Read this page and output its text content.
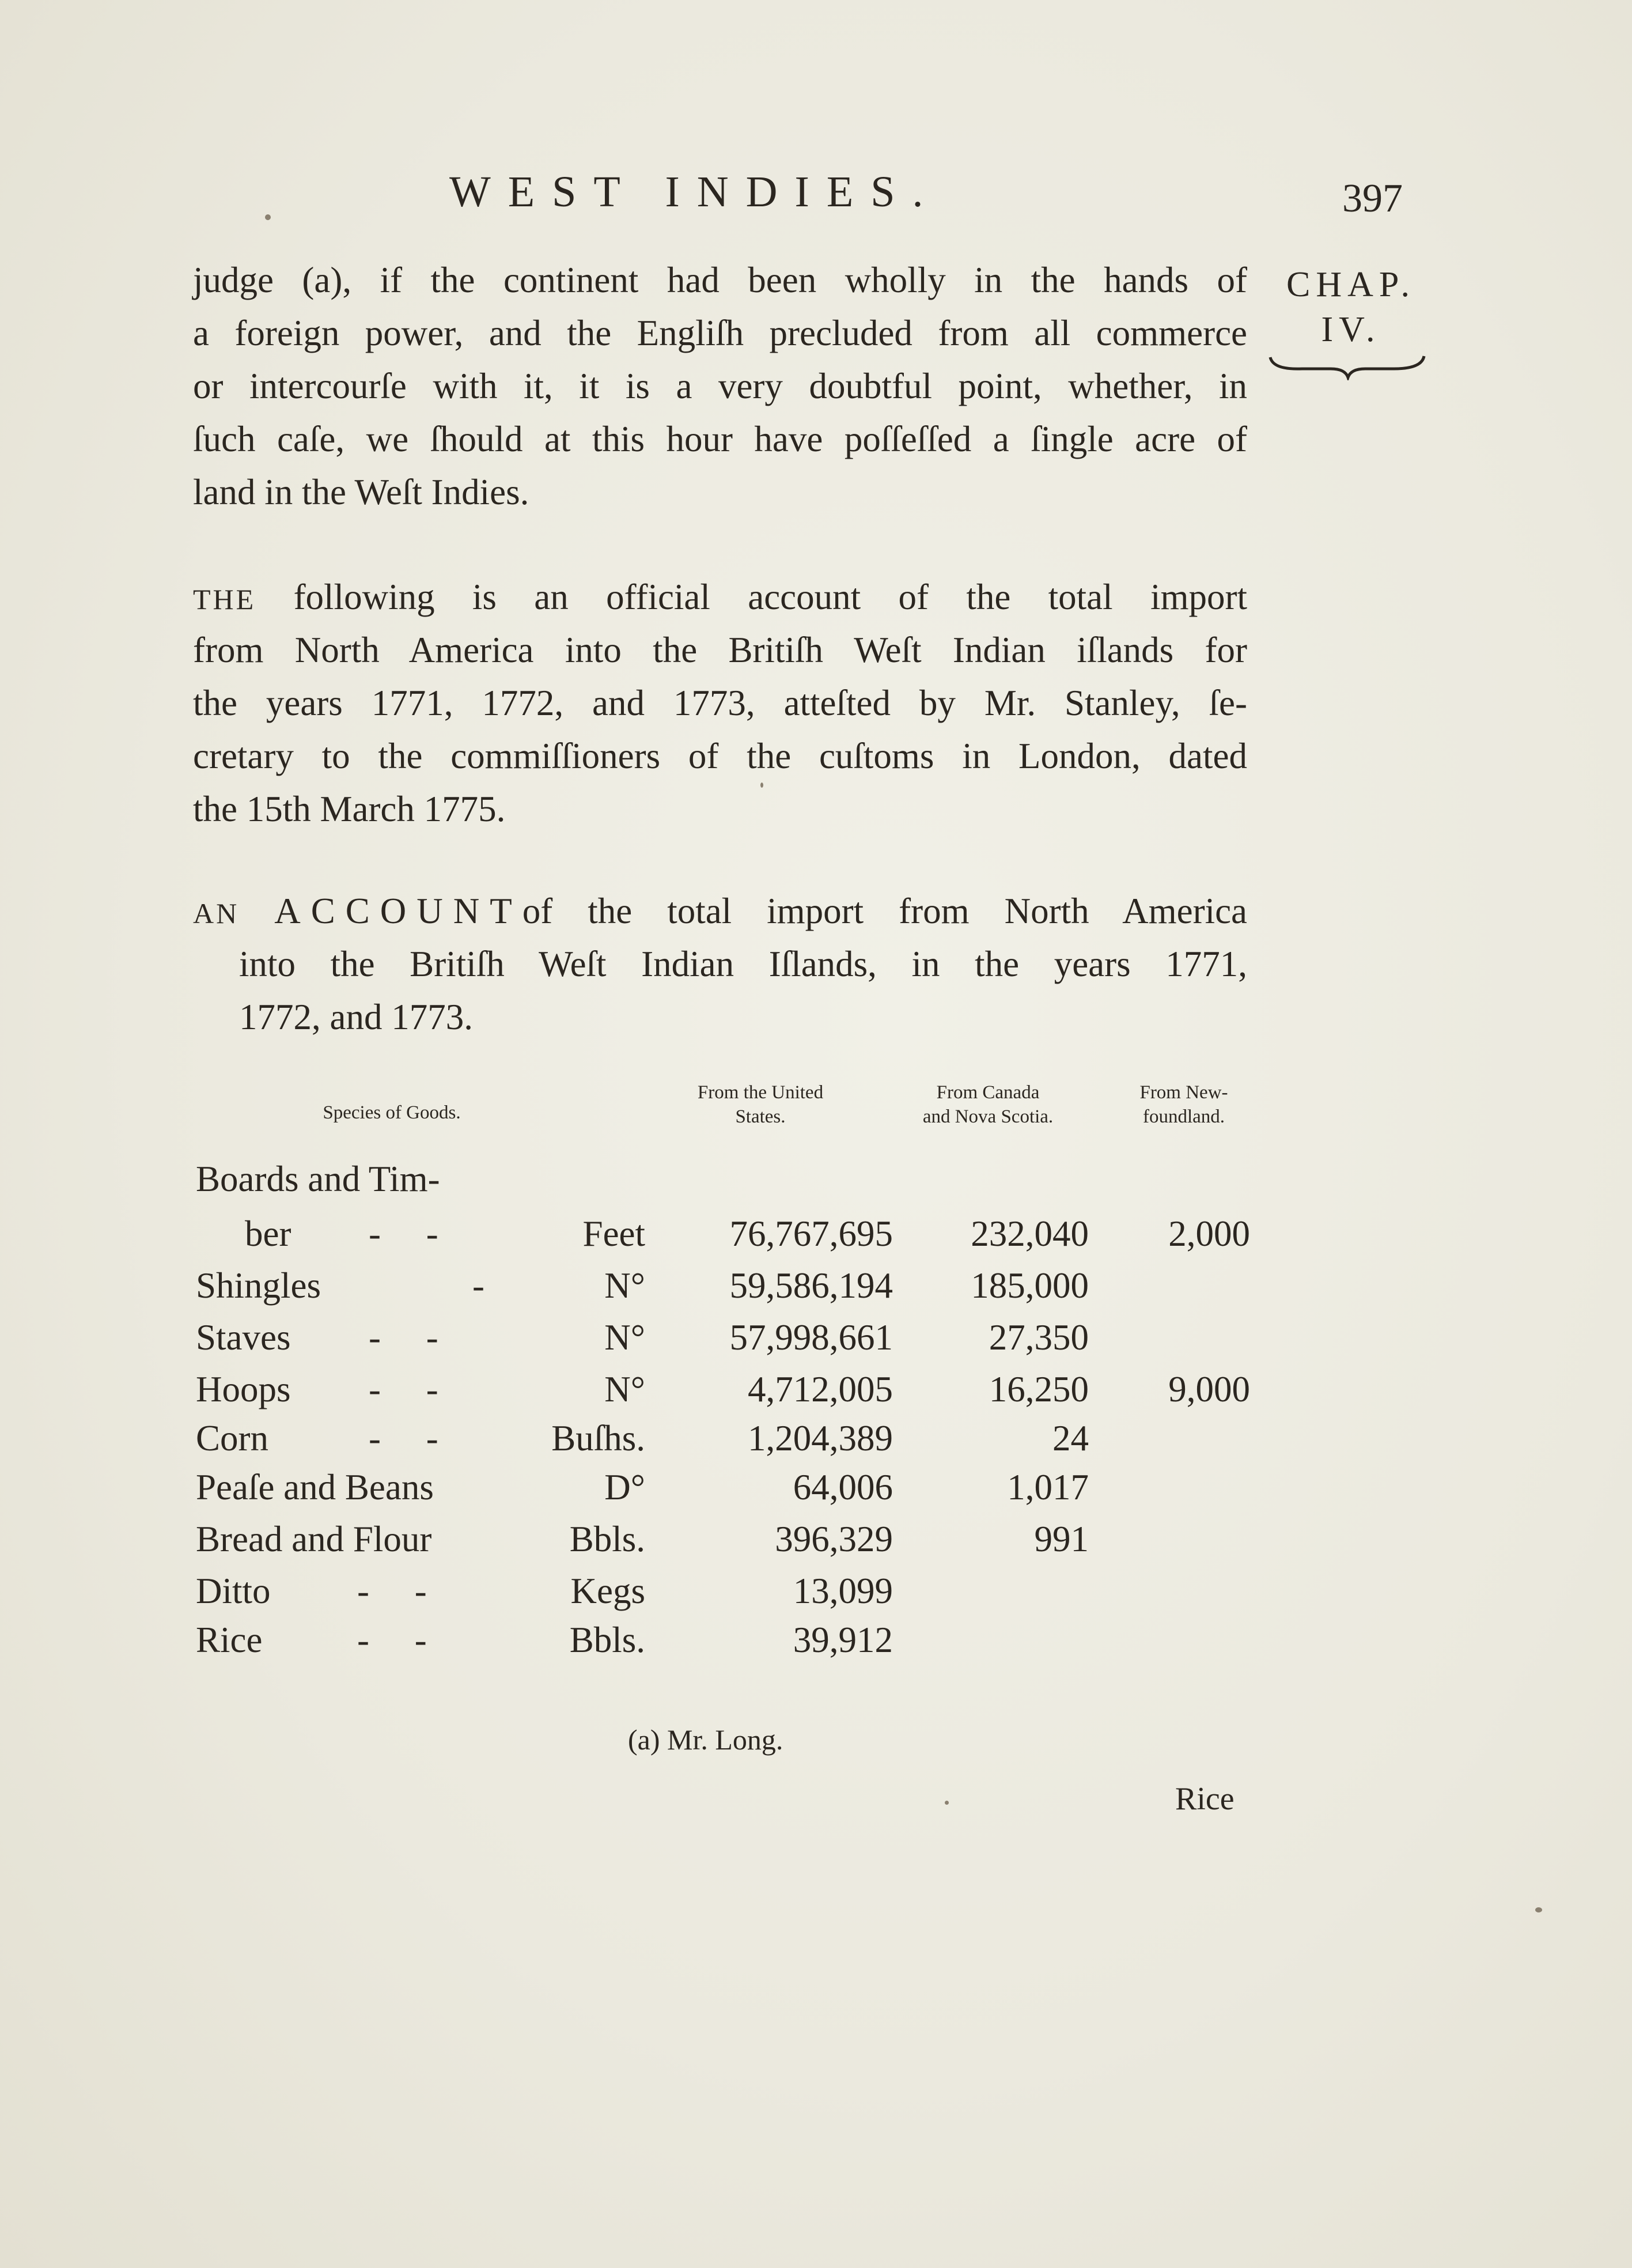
WEST INDIES.	397
CHAP.
IV.
judge (a), if the continent had been wholly in the hands of
a foreign power, and the Engliſh precluded from all commerce
or intercourſe with it, it is a very doubtful point, whether, in
ſuch caſe, we ſhould at this hour have poſſeſſed a ſingle acre of
land in the Weſt Indies.
THE following is an official account of the total import
from North America into the Britiſh Weſt Indian iſlands for
the years 1771, 1772, and 1773, atteſted by Mr. Stanley, ſe-
cretary to the commiſſioners of the cuſtoms in London, dated
the 15th March 1775.
AN ACCOUNTof the total import from North America
into the Britiſh Weſt Indian Iſlands, in the years 1771,
1772, and 1773.
Species of Goods.
From the United
States.
From Canada
and Nova Scotia.
From New-
foundland.
Boards and Tim-
ber -     -	Feet	76,767,695	232,040	2,000
Shingles	-	N°	59,586,194	185,000
Staves -     -	N°	57,998,661	27,350
Hoops -     -	N°	4,712,005	16,250	9,000
Corn	-     -	Buſhs.	1,204,389	24
Peaſe and Beans	D°	64,006	1,017
Bread and Flour	Bbls.	396,329	991
Ditto -     -	Kegs	13,099
Rice	-     -	Bbls.	39,912
(a) Mr. Long.
Rice
